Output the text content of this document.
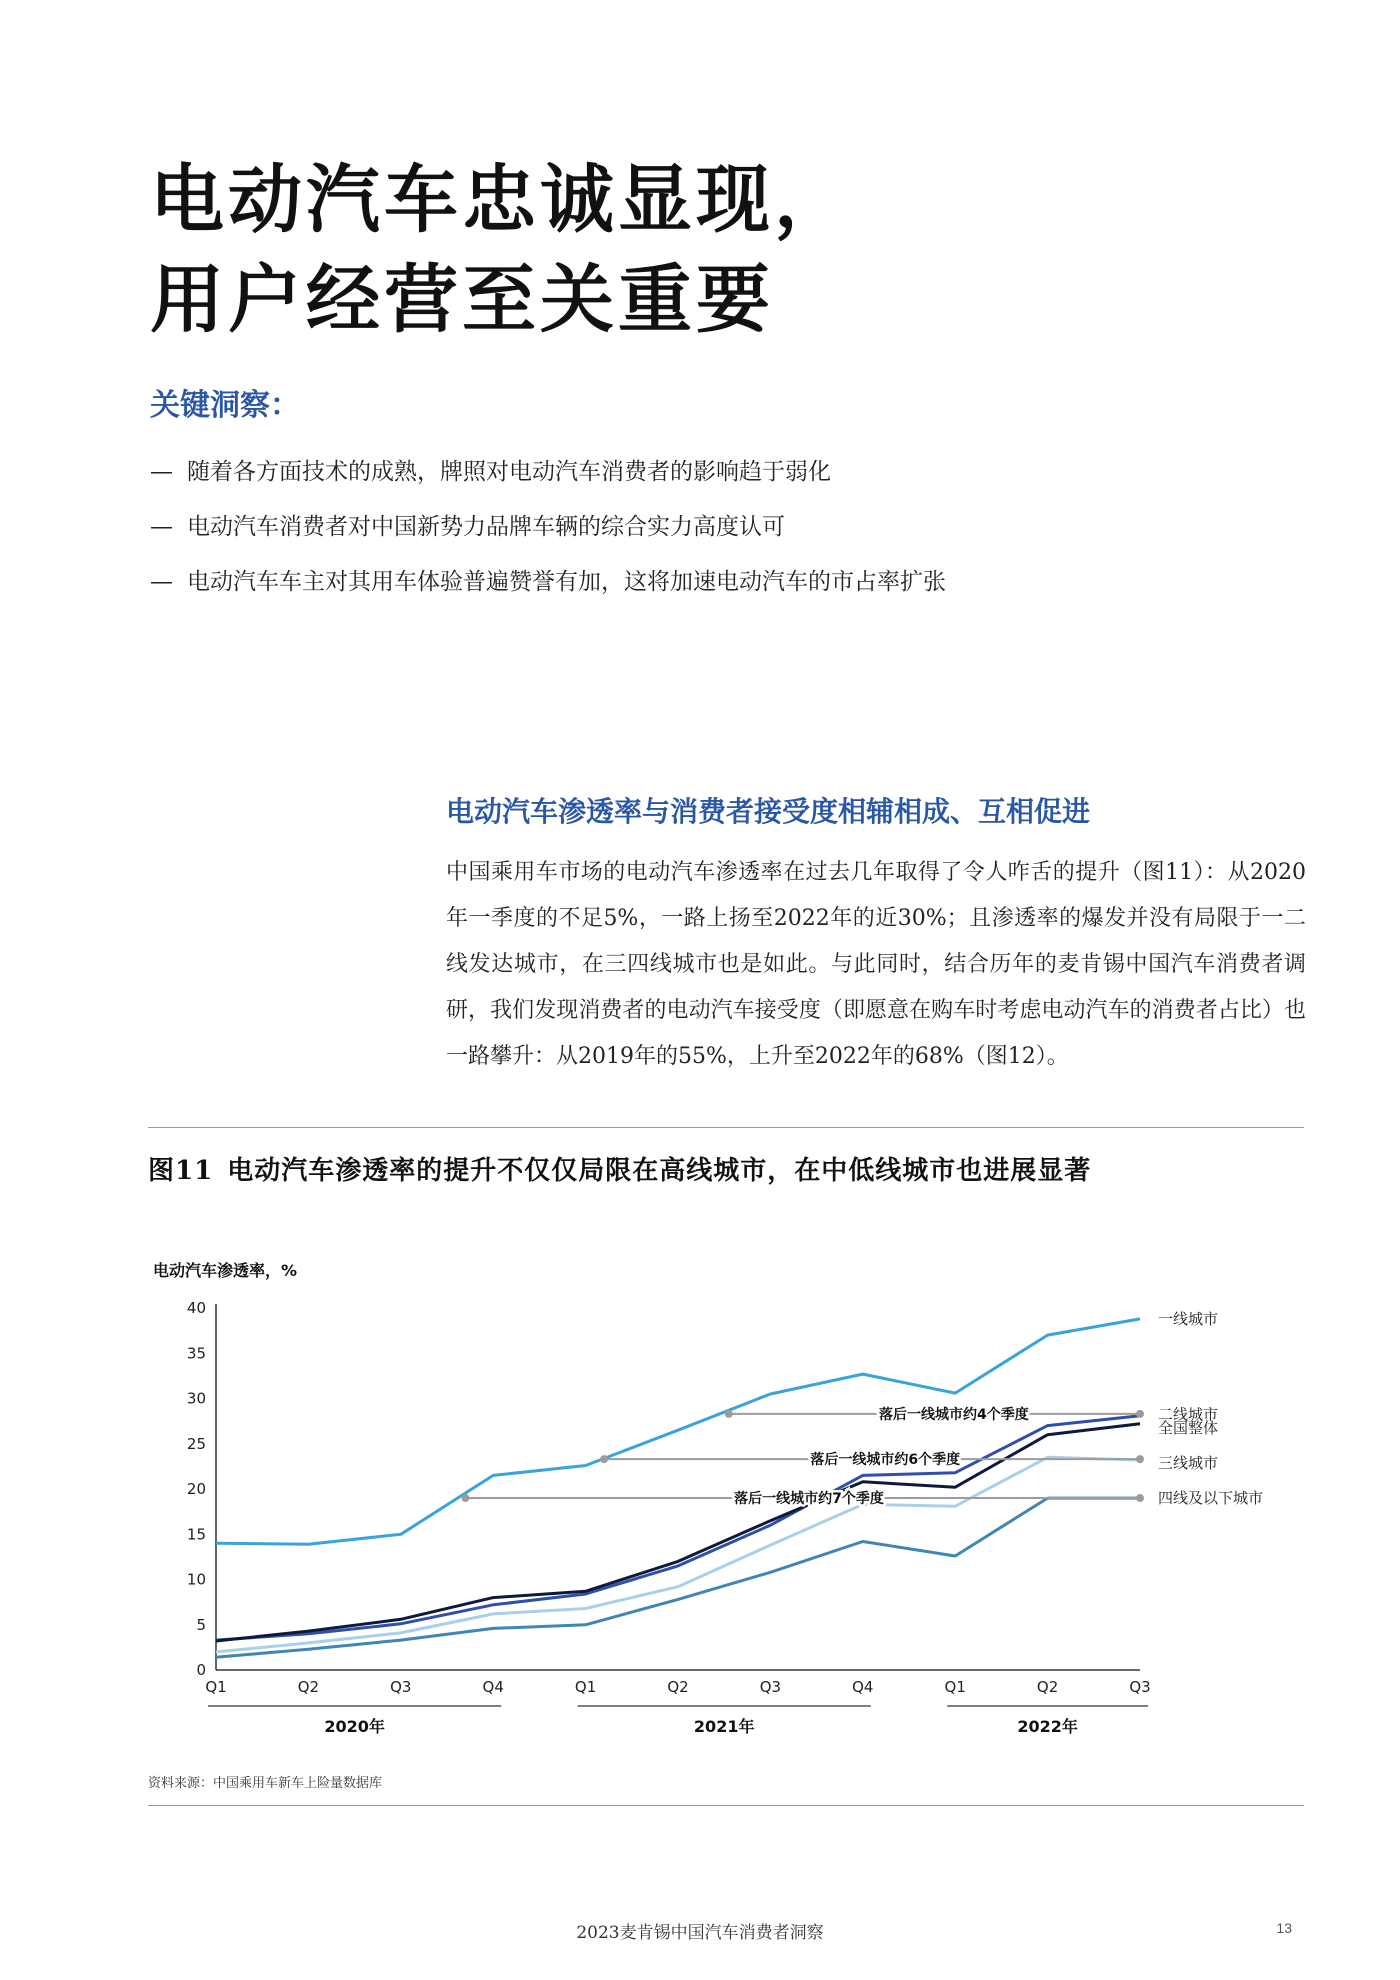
电动汽车忠诚显现，
用户经营至关重要
关键洞察：
— 随着各方面技术的成熟，牌照对电动汽车消费者的影响趋于弱化
— 电动汽车消费者对中国新势力品牌车辆的综合实力高度认可
— 电动汽车车主对其用车体验普遍赞誉有加，这将加速电动汽车的市占率扩张
电动汽车渗透率与消费者接受度相辅相成、互相促进

中国乘用车市场的电动汽车渗透率在过去几年取得了令人咋舌的提升（图11）：从2020年一季度的不足5%，一路上扬至2022年的近30%；且渗透率的爆发并没有局限于一二线发达城市，在三四线城市也是如此。与此同时，结合历年的麦肯锡中国汽车消费者调研，我们发现消费者的电动汽车接受度（即愿意在购车时考虑电动汽车的消费者占比）也一路攀升：从2019年的55%，上升至2022年的68%（图12）。

图11 电动汽车渗透率的提升不仅仅局限在高线城市，在中低线城市也进展显著
电动汽车渗透率，%
0
5
10
15
20
25
30
35
40
Q1	Q2	Q3	Q4	Q1	Q2	Q3	Q4	Q1	Q2	Q3
2020年	2021年	2022年
落后一线城市约4个季度
落后一线城市约6个季度
落后一线城市约7个季度
一线城市
二线城市
全国整体
三线城市
四线及以下城市
资料来源：中国乘用车新车上险量数据库
2023麦肯锡中国汽车消费者洞察	13
